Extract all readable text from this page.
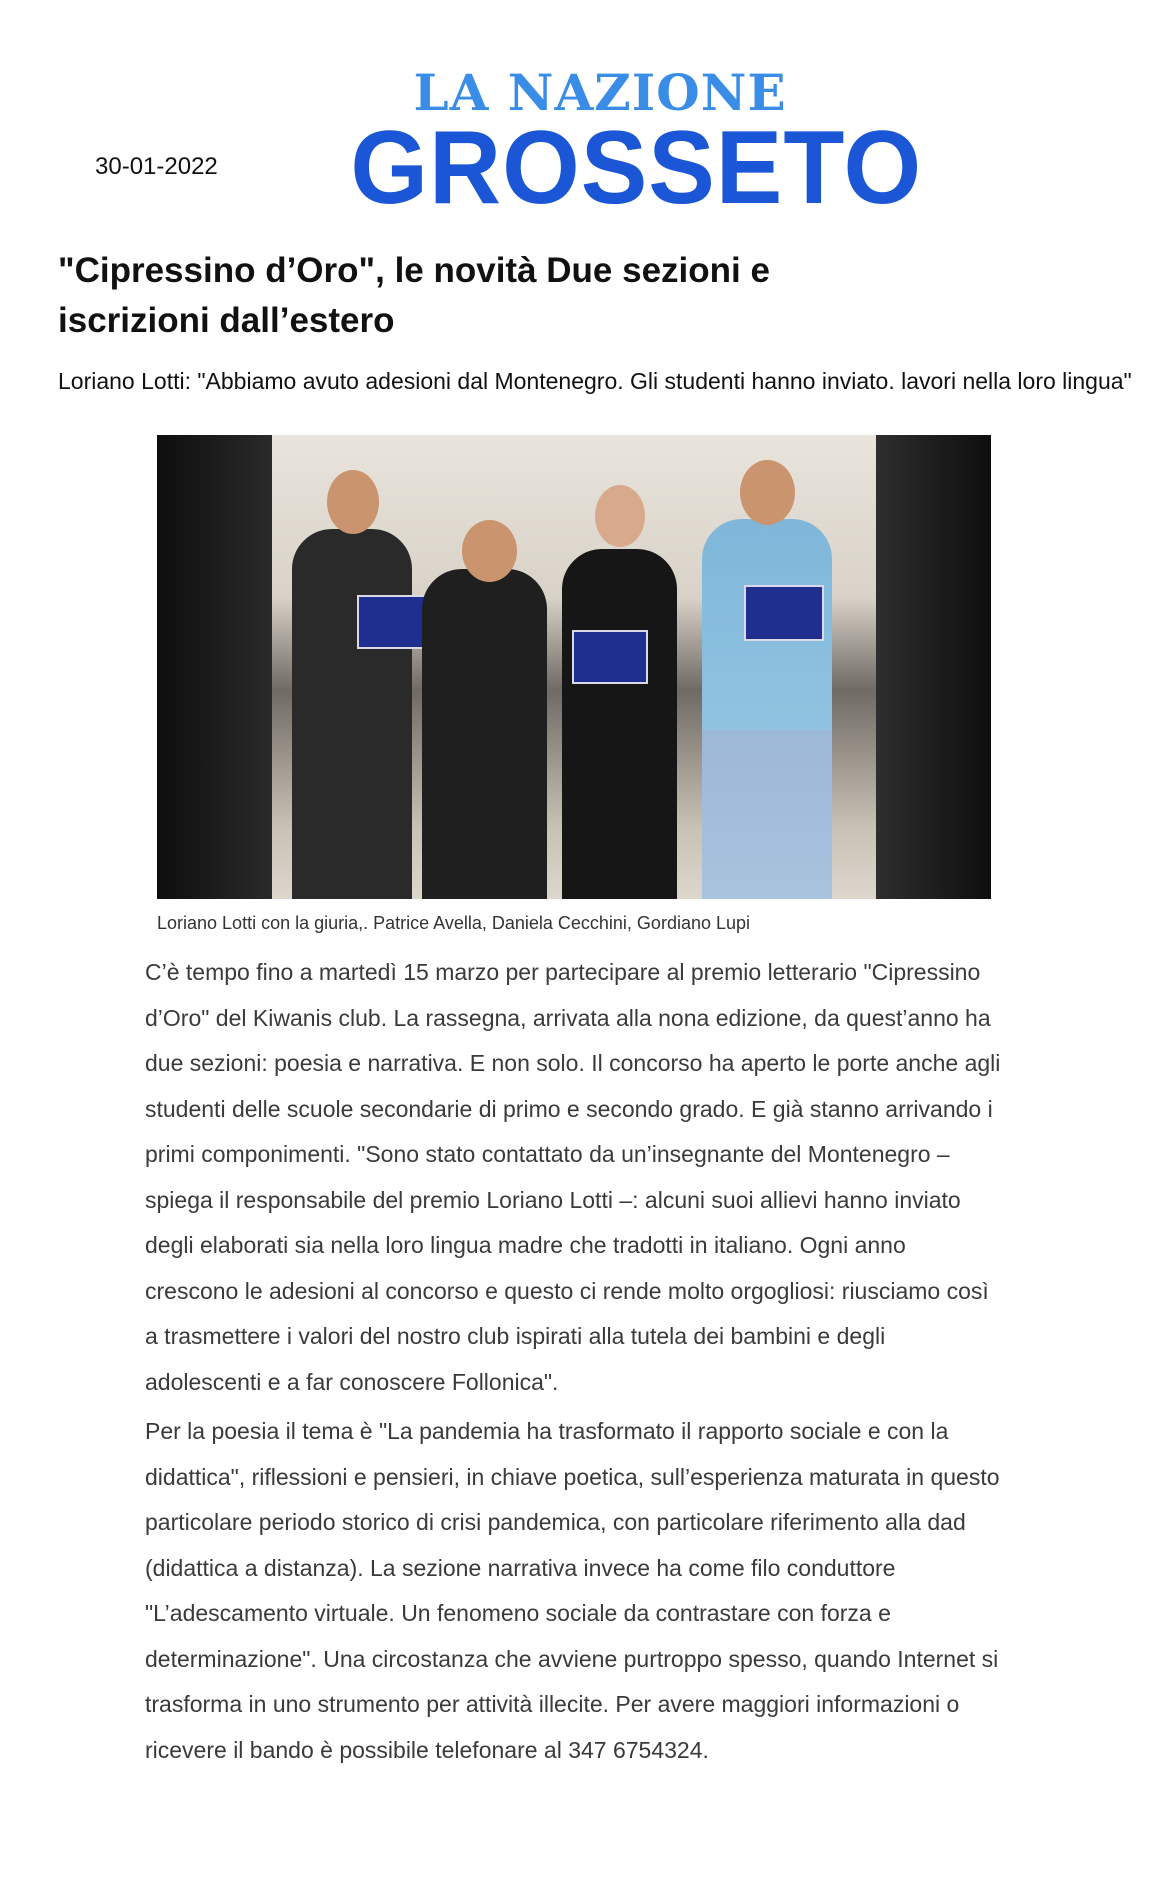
30-01-2022
LA NAZIONE
GROSSETO
"Cipressino d’Oro", le novità Due sezioni e iscrizioni dall’estero
Loriano Lotti: "Abbiamo avuto adesioni dal Montenegro. Gli studenti hanno inviato. lavori nella loro lingua"
Loriano Lotti con la giuria,. Patrice Avella, Daniela Cecchini, Gordiano Lupi

C’è tempo fino a martedì 15 marzo per partecipare al premio letterario "Cipressino d’Oro" del Kiwanis club. La rassegna, arrivata alla nona edizione, da quest’anno ha due sezioni: poesia e narrativa. E non solo. Il concorso ha aperto le porte anche agli studenti delle scuole secondarie di primo e secondo grado. E già stanno arrivando i primi componimenti. "Sono stato contattato da un’insegnante del Montenegro – spiega il responsabile del premio Loriano Lotti –: alcuni suoi allievi hanno inviato degli elaborati sia nella loro lingua madre che tradotti in italiano. Ogni anno crescono le adesioni al concorso e questo ci rende molto orgogliosi: riusciamo così a trasmettere i valori del nostro club ispirati alla tutela dei bambini e degli adolescenti e a far conoscere Follonica".

Per la poesia il tema è "La pandemia ha trasformato il rapporto sociale e con la didattica", riflessioni e pensieri, in chiave poetica, sull’esperienza maturata in questo particolare periodo storico di crisi pandemica, con particolare riferimento alla dad (didattica a distanza). La sezione narrativa invece ha come filo conduttore "L’adescamento virtuale. Un fenomeno sociale da contrastare con forza e determinazione". Una circostanza che avviene purtroppo spesso, quando Internet si trasforma in uno strumento per attività illecite. Per avere maggiori informazioni o ricevere il bando è possibile telefonare al 347 6754324.
